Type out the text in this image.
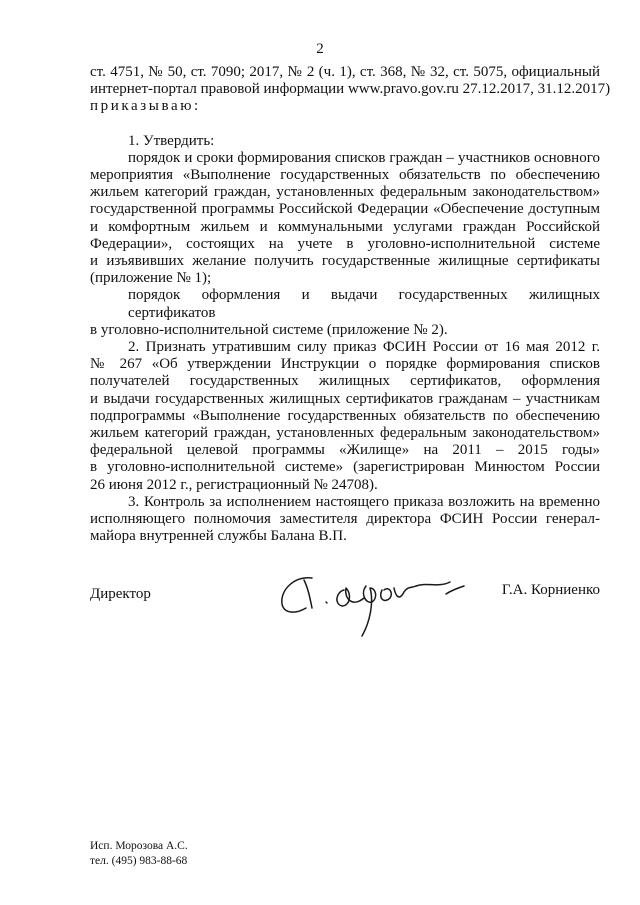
2
ст. 4751, № 50, ст. 7090; 2017, № 2 (ч. 1), ст. 368, № 32, ст. 5075, официальный
интернет-портал правовой информации www.pravo.gov.ru 27.12.2017, 31.12.2017)
приказываю:
1. Утвердить:
порядок и сроки формирования списков граждан – участников основного
мероприятия «Выполнение государственных обязательств по обеспечению
жильем категорий граждан, установленных федеральным законодательством»
государственной программы Российской Федерации «Обеспечение доступным
и комфортным жильем и коммунальными услугами граждан Российской
Федерации», состоящих на учете в уголовно-исполнительной системе
и изъявивших желание получить государственные жилищные сертификаты
(приложение № 1);
порядок оформления и выдачи государственных жилищных сертификатов
в уголовно-исполнительной системе (приложение № 2).
2. Признать утратившим силу приказ ФСИН России от 16 мая 2012 г.
№ 267 «Об утверждении Инструкции о порядке формирования списков
получателей государственных жилищных сертификатов, оформления
и выдачи государственных жилищных сертификатов гражданам – участникам
подпрограммы «Выполнение государственных обязательств по обеспечению
жильем категорий граждан, установленных федеральным законодательством»
федеральной целевой программы «Жилище» на 2011 – 2015 годы»
в уголовно-исполнительной системе» (зарегистрирован Минюстом России
26 июня 2012 г., регистрационный № 24708).
3. Контроль за исполнением настоящего приказа возложить на временно
исполняющего полномочия заместителя директора ФСИН России генерал-
майора внутренней службы Балана В.П.
Директор	Г.А. Корниенко
Исп. Морозова А.С.
тел. (495) 983-88-68
